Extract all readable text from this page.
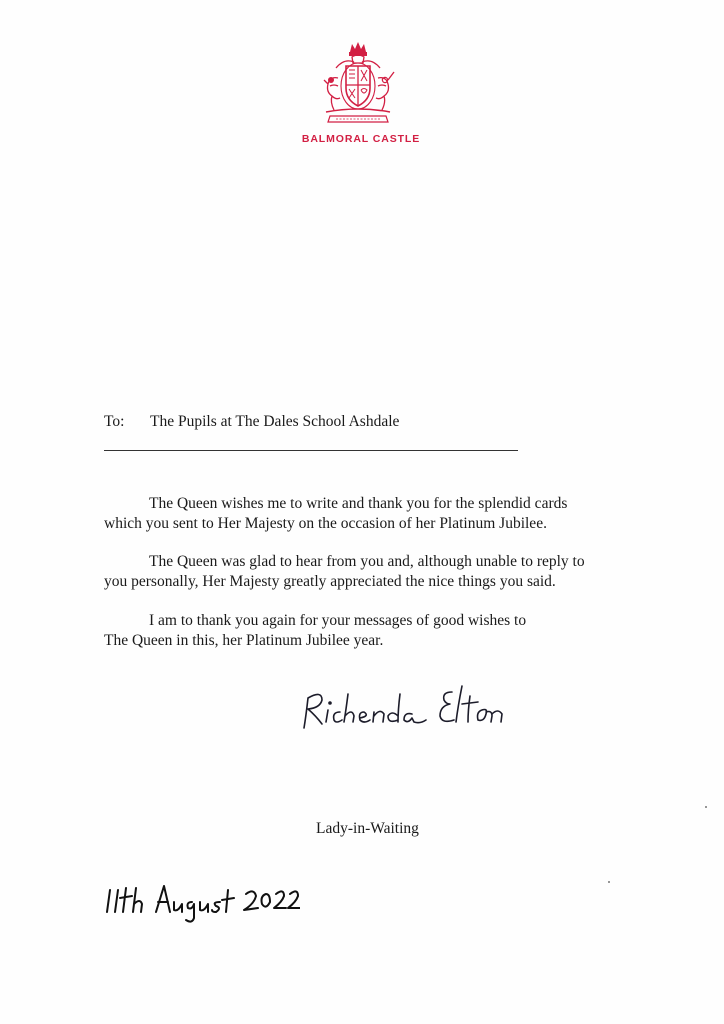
BALMORAL CASTLE
To: The Pupils at The Dales School Ashdale

The Queen wishes me to write and thank you for the splendid cards
which you sent to Her Majesty on the occasion of her Platinum Jubilee.

The Queen was glad to hear from you and, although unable to reply to
you personally, Her Majesty greatly appreciated the nice things you said.

I am to thank you again for your messages of good wishes to
The Queen in this, her Platinum Jubilee year.

Lady-in-Waiting
